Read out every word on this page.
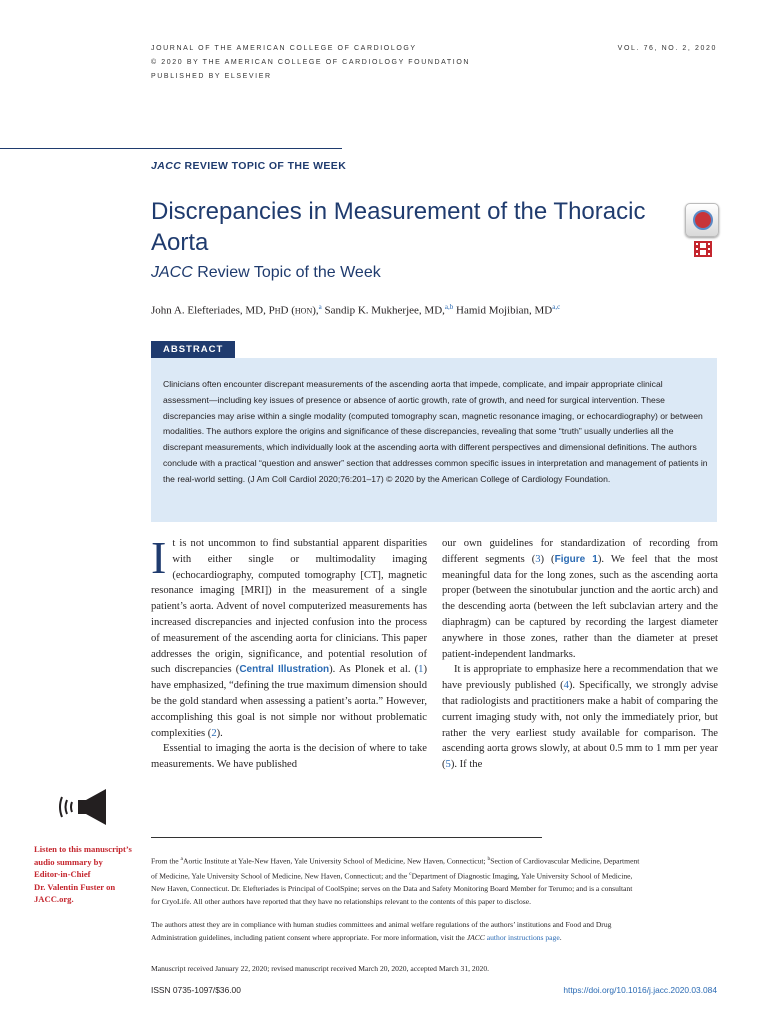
JOURNAL OF THE AMERICAN COLLEGE OF CARDIOLOGY
© 2020 BY THE AMERICAN COLLEGE OF CARDIOLOGY FOUNDATION
PUBLISHED BY ELSEVIER
VOL. 76, NO. 2, 2020
JACC REVIEW TOPIC OF THE WEEK
Discrepancies in Measurement of the Thoracic Aorta
JACC Review Topic of the Week
John A. Elefteriades, MD, PhD (hon),$^a$ Sandip K. Mukherjee, MD,$^{a,b}$ Hamid Mojibian, MD$^{a,c}$
ABSTRACT

Clinicians often encounter discrepant measurements of the ascending aorta that impede, complicate, and impair appropriate clinical assessment—including key issues of presence or absence of aortic growth, rate of growth, and need for surgical intervention. These discrepancies may arise within a single modality (computed tomography scan, magnetic resonance imaging, or echocardiography) or between modalities. The authors explore the origins and significance of these discrepancies, revealing that some “truth” usually underlies all the discrepant measurements, which individually look at the ascending aorta with different perspectives and dimensional definitions. The authors conclude with a practical “question and answer” section that addresses common specific issues in interpretation and management of patients in the real-world setting. (J Am Coll Cardiol 2020;76:201–17) © 2020 by the American College of Cardiology Foundation.

It is not uncommon to find substantial apparent disparities with either single or multimodality imaging (echocardiography, computed tomography [CT], magnetic resonance imaging [MRI]) in the measurement of a single patient’s aorta. Advent of novel computerized measurements has increased discrepancies and injected confusion into the process of measurement of the ascending aorta for clinicians. This paper addresses the origin, significance, and potential resolution of such discrepancies (Central Illustration). As Plonek et al. (1) have emphasized, “defining the true maximum dimension should be the gold standard when assessing a patient’s aorta.” However, accomplishing this goal is not simple nor without problematic complexities (2).

Essential to imaging the aorta is the decision of where to take measurements. We have published

our own guidelines for standardization of recording from different segments (3) (Figure 1). We feel that the most meaningful data for the long zones, such as the ascending aorta proper (between the sinotubular junction and the aortic arch) and the descending aorta (between the left subclavian artery and the diaphragm) can be captured by recording the largest diameter anywhere in those zones, rather than the diameter at preset patient-independent landmarks.

It is appropriate to emphasize here a recommendation that we have previously published (4). Specifically, we strongly advise that radiologists and practitioners make a habit of comparing the current imaging study with, not only the immediately prior, but rather the very earliest study available for comparison. The ascending aorta grows slowly, at about 0.5 mm to 1 mm per year (5). If the

Listen to this manuscript’s
audio summary by
Editor-in-Chief
Dr. Valentin Fuster on
JACC.org.

From the $^a$Aortic Institute at Yale-New Haven, Yale University School of Medicine, New Haven, Connecticut; $^b$Section of Cardiovascular Medicine, Department of Medicine, Yale University School of Medicine, New Haven, Connecticut; and the $^c$Department of Diagnostic Imaging, Yale University School of Medicine, New Haven, Connecticut. Dr. Elefteriades is Principal of CoolSpine; serves on the Data and Safety Monitoring Board Member for Terumo; and is a consultant for CryoLife. All other authors have reported that they have no relationships relevant to the contents of this paper to disclose.

The authors attest they are in compliance with human studies committees and animal welfare regulations of the authors’ institutions and Food and Drug Administration guidelines, including patient consent where appropriate. For more information, visit the JACC author instructions page.

Manuscript received January 22, 2020; revised manuscript received March 20, 2020, accepted March 31, 2020.

ISSN 0735-1097/$36.00	https://doi.org/10.1016/j.jacc.2020.03.084
